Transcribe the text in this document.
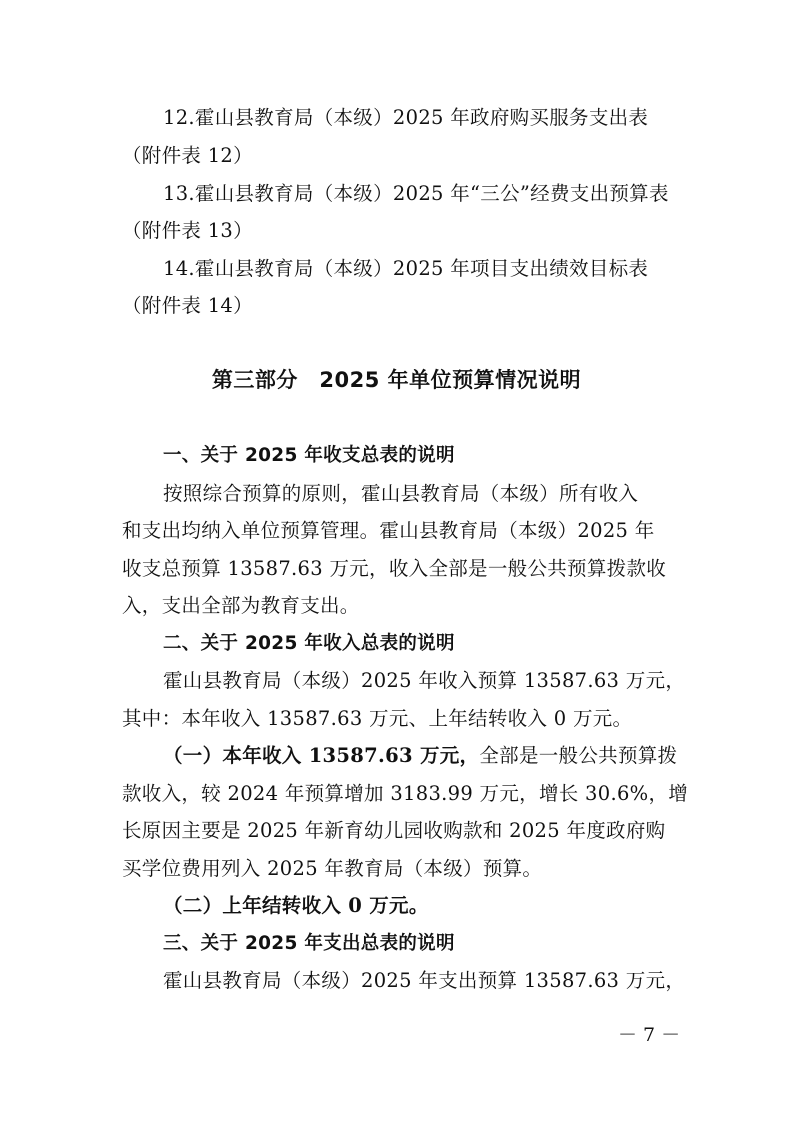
12.霍山县教育局（本级）2025 年政府购买服务支出表
（附件表 12）
13.霍山县教育局（本级）2025 年“三公”经费支出预算表
（附件表 13）
14.霍山县教育局（本级）2025 年项目支出绩效目标表
（附件表 14）
第三部分　2025 年单位预算情况说明
一、关于 2025 年收支总表的说明
按照综合预算的原则，霍山县教育局（本级）所有收入
和支出均纳入单位预算管理。霍山县教育局（本级）2025 年
收支总预算 13587.63 万元，收入全部是一般公共预算拨款收
入，支出全部为教育支出。
二、关于 2025 年收入总表的说明
霍山县教育局（本级）2025 年收入预算 13587.63 万元，
其中：本年收入 13587.63 万元、上年结转收入 0 万元。
（一）本年收入 13587.63 万元，全部是一般公共预算拨
款收入，较 2024 年预算增加 3183.99 万元，增长 30.6%，增
长原因主要是 2025 年新育幼儿园收购款和 2025 年度政府购
买学位费用列入 2025 年教育局（本级）预算。
（二）上年结转收入 0 万元。
三、关于 2025 年支出总表的说明
霍山县教育局（本级）2025 年支出预算 13587.63 万元，
－ 7 －
